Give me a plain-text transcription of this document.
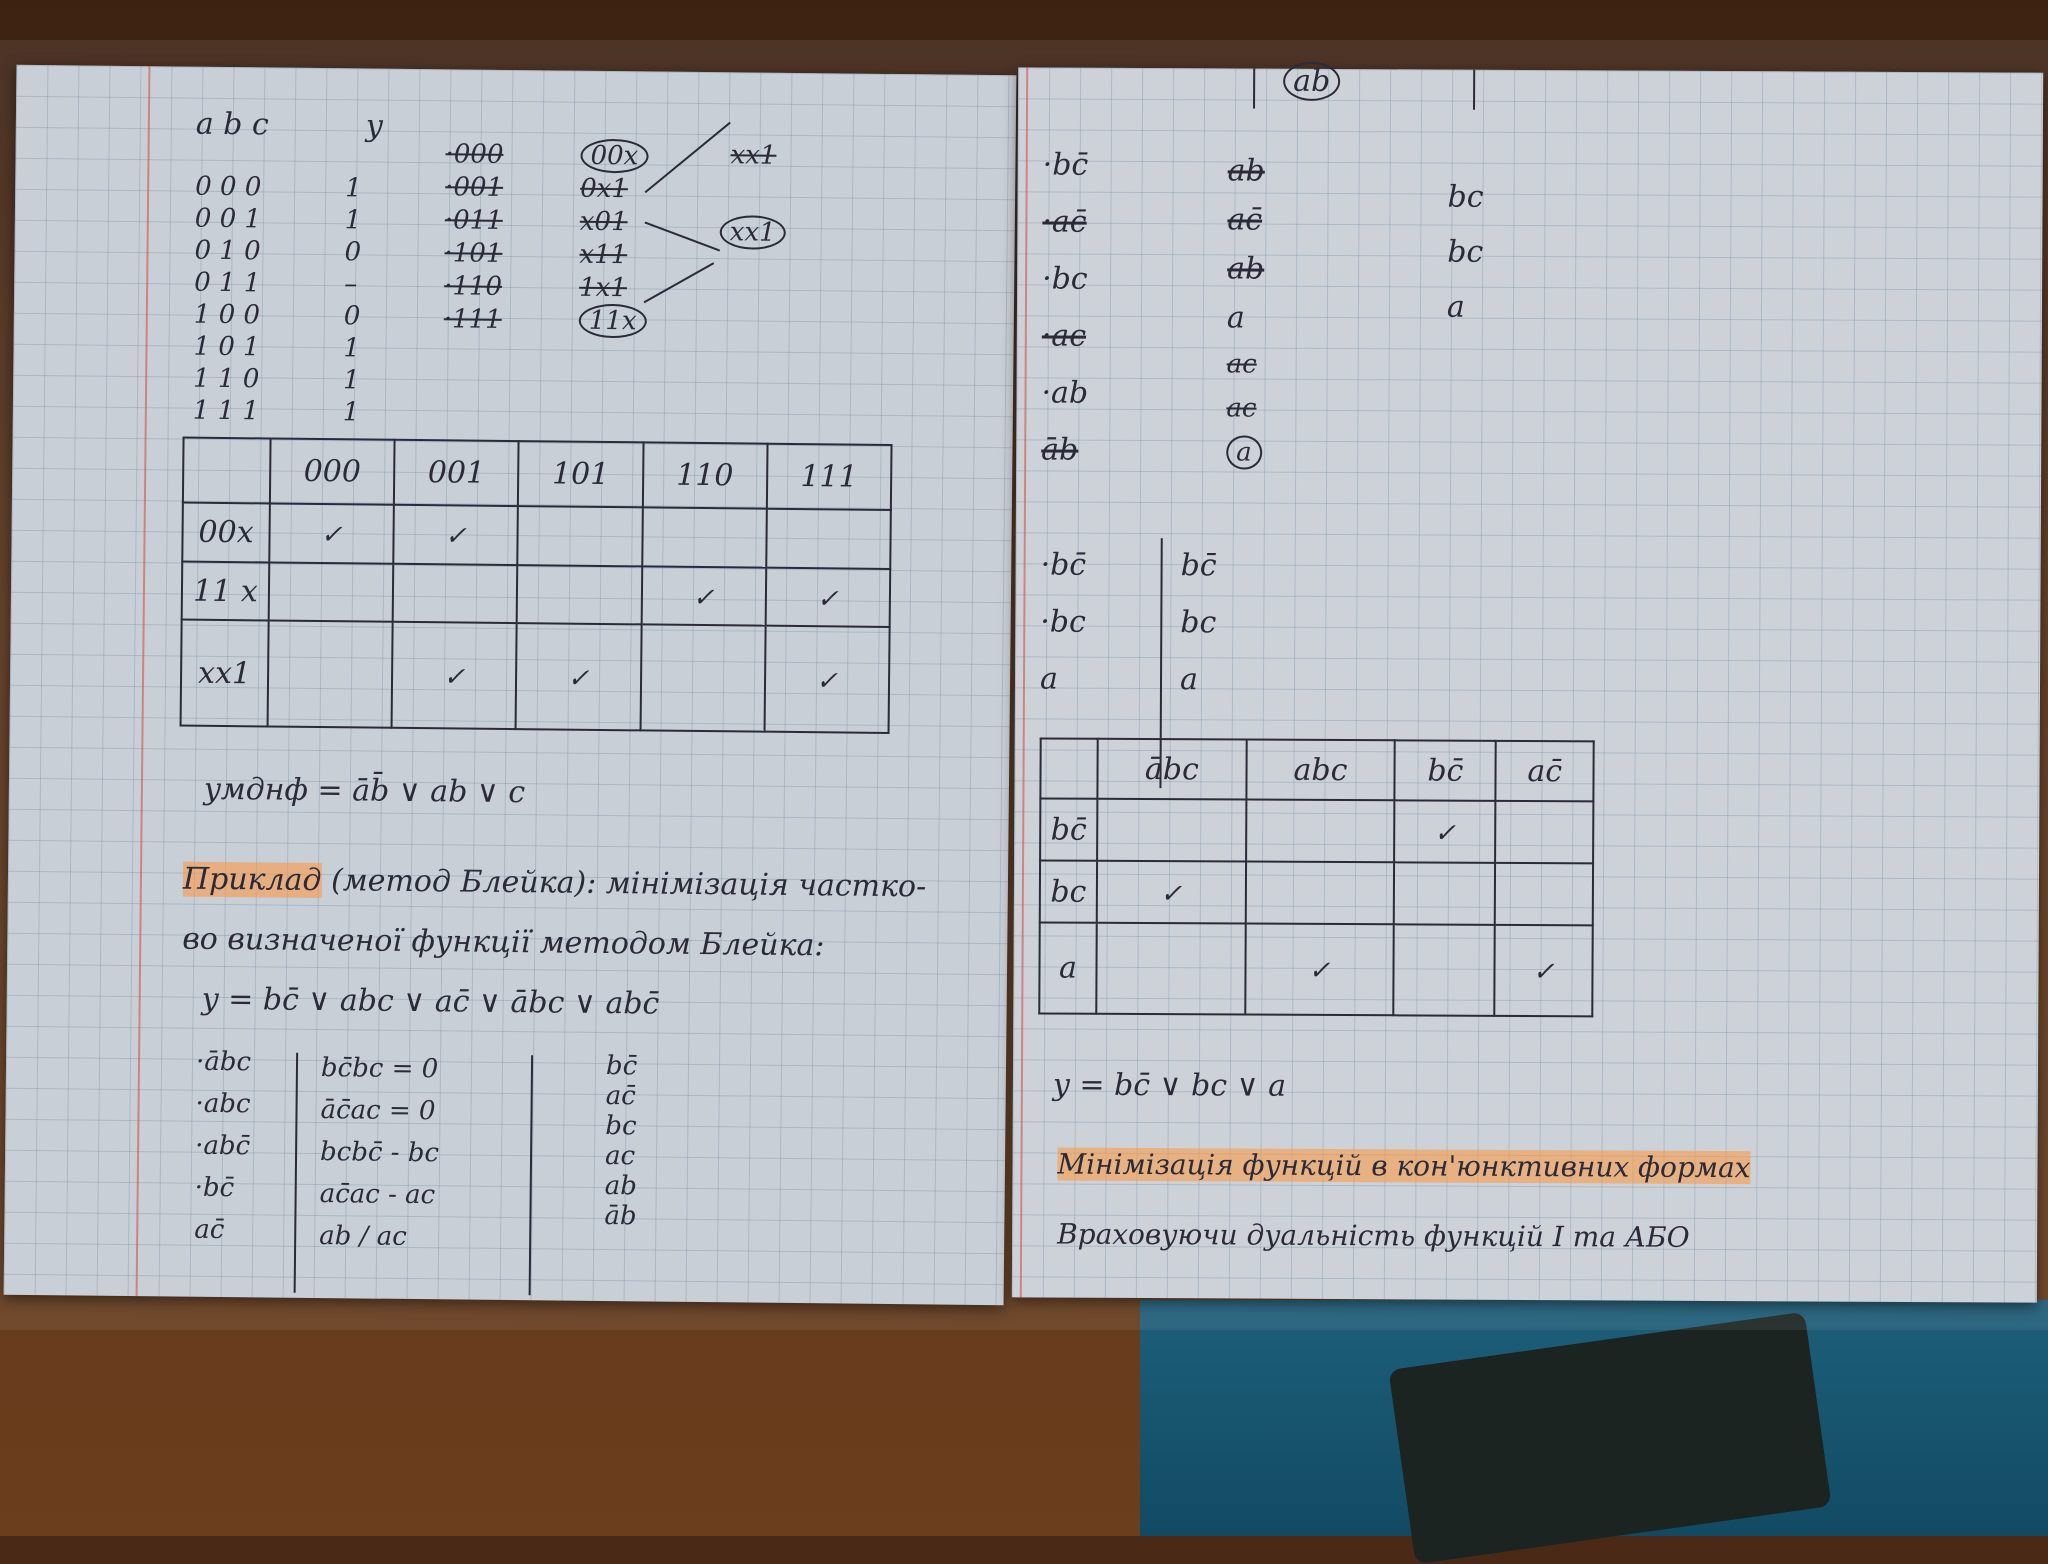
a b c	y
0 0 0	1
0 0 1	1
0 1 0	0
0 1 1	–
1 0 0	0
1 0 1	1
1 1 0	1
1 1 1	1
·000
·001
·011
·101
·110
·111
00x
0x1
x01
x11
1x1
11x
xx1
xx1
	000	001	101	110	111
00x	✓	✓			
11 x				✓	✓
xx1		✓	✓		✓
yмднф = āb̄ ∨ ab ∨ c
Приклад (метод Блейка): мінімізація частко-
во визначеної функції методом Блейка:
y = bc̄ ∨ abc ∨ ac̄ ∨ ābc ∨ abc̄
·ābc
·abc
·abc̄
·bc̄
ac̄
bc̄bc = 0
āc̄ac = 0
bcbc̄ - bc
ac̄ac - ac
ab / ac
bc̄
ac̄
bc
ac
ab
āb
ab
·bc̄
·ac̄
·bc
·ac
·ab
āb
ab
ac̄
ab
a
ac
ac
a
bc
bc
a
·bc̄
·bc
a
bc̄
bc
a
	ābc	abc	bc̄	ac̄
bc̄			✓	
bc	✓			
a		✓		✓
y = bc̄ ∨ bc ∨ a
Мінімізація функцій в кон'юнктивних формах
Враховуючи дуальність функцій І та АБО
